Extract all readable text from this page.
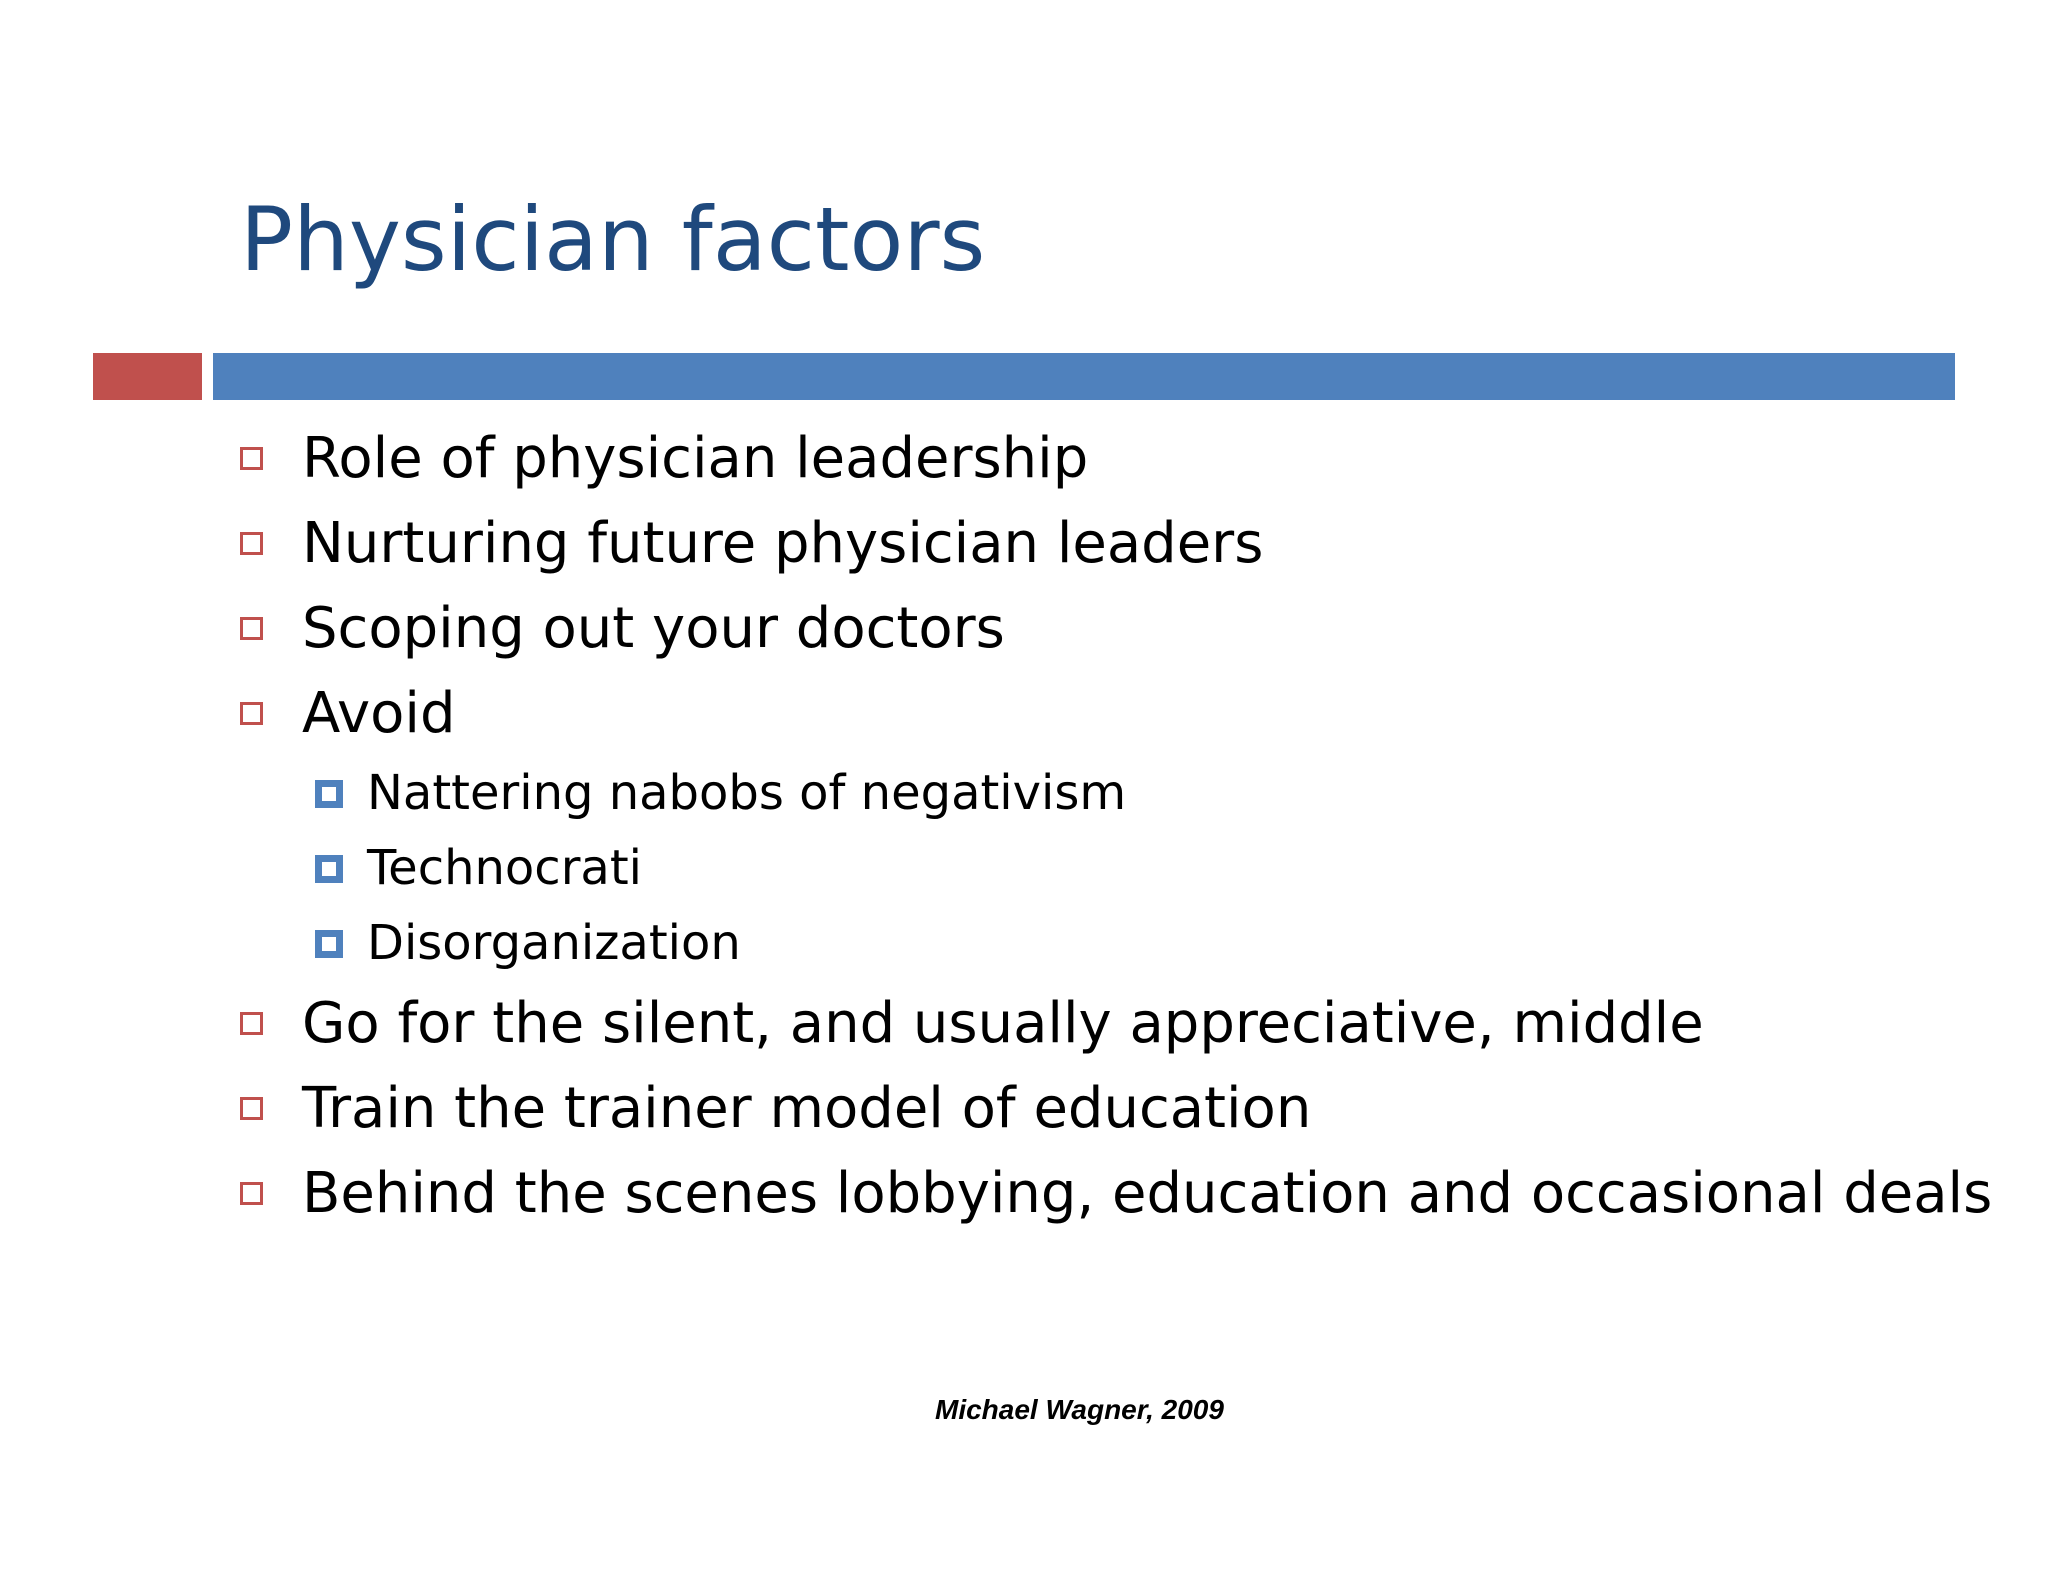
Physician factors
Role of physician leadership
Nurturing future physician leaders
Scoping out your doctors
Avoid
Nattering nabobs of negativism
Technocrati
Disorganization
Go for the silent, and usually appreciative, middle
Train the trainer model of education
Behind the scenes lobbying, education and occasional deals
Michael Wagner, 2009
